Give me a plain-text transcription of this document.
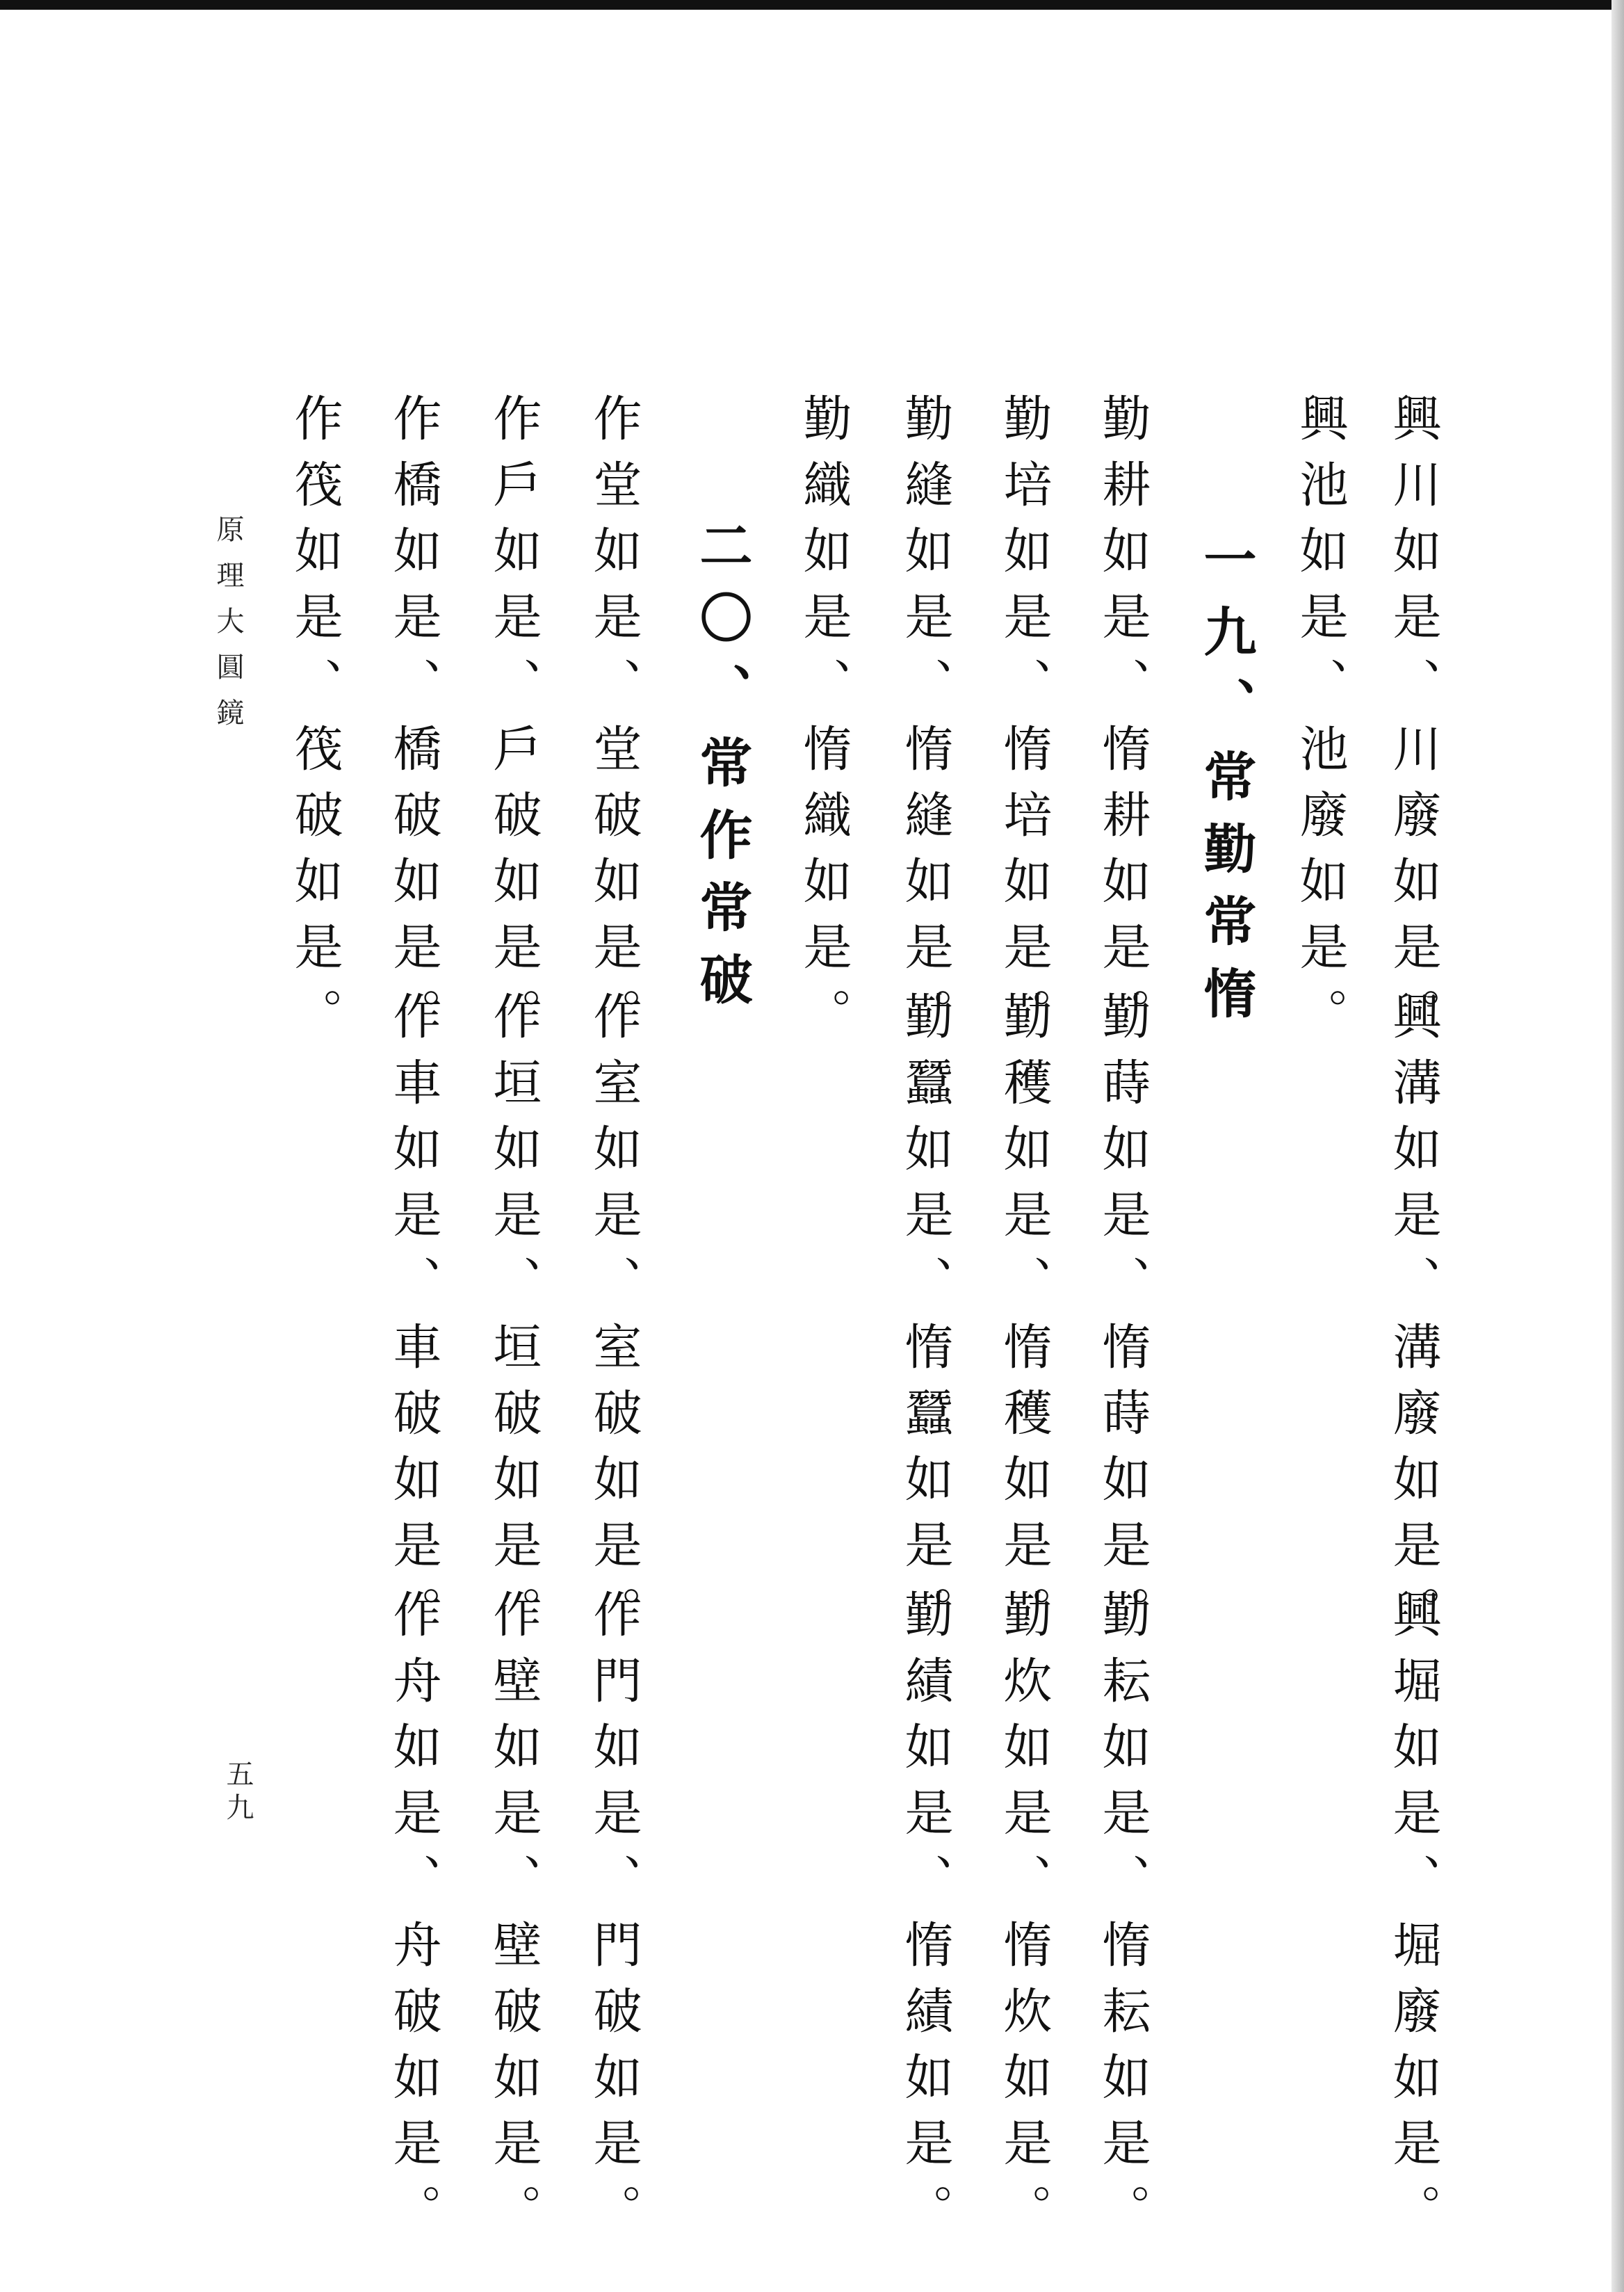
興川如是、川廢如是。
興溝如是、溝廢如是。
興堀如是、堀廢如是。
興池如是、池廢如是。
一九、常勤常惰
勤耕如是、惰耕如是。
勤蒔如是、惰蒔如是。
勤耘如是、惰耘如是。
勤培如是、惰培如是。
勤穫如是、惰穫如是。
勤炊如是、惰炊如是。
勤縫如是、惰縫如是。
勤蠶如是、惰蠶如是。
勤績如是、惰績如是。
勤織如是、惰織如是。
二〇、常作常破
作堂如是、堂破如是。
作室如是、室破如是。
作門如是、門破如是。
作戶如是、戶破如是。
作垣如是、垣破如是。
作壁如是、壁破如是。
作橋如是、橋破如是。
作車如是、車破如是。
作舟如是、舟破如是。
作筏如是、筏破如是。
原理大圓鏡
五九
